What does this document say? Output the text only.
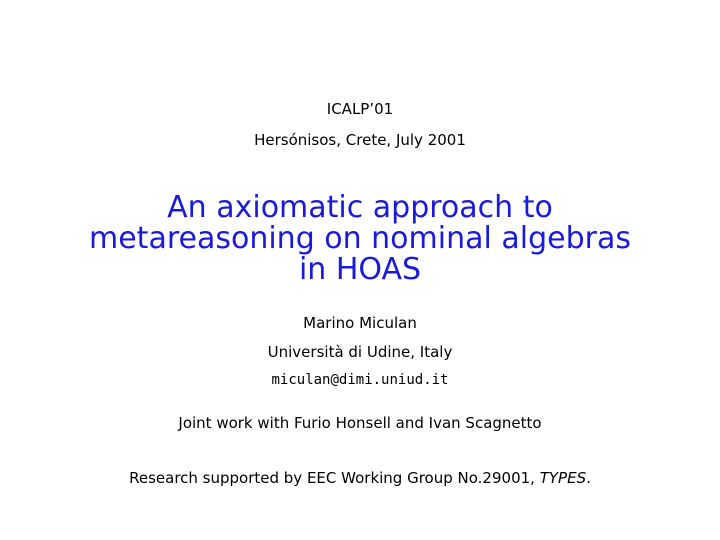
ICALP’01
Hersónisos, Crete, July 2001
An axiomatic approach to
metareasoning on nominal algebras
in HOAS
Marino Miculan
Università di Udine, Italy
miculan@dimi.uniud.it
Joint work with Furio Honsell and Ivan Scagnetto
Research supported by EEC Working Group No.29001, TYPES.
